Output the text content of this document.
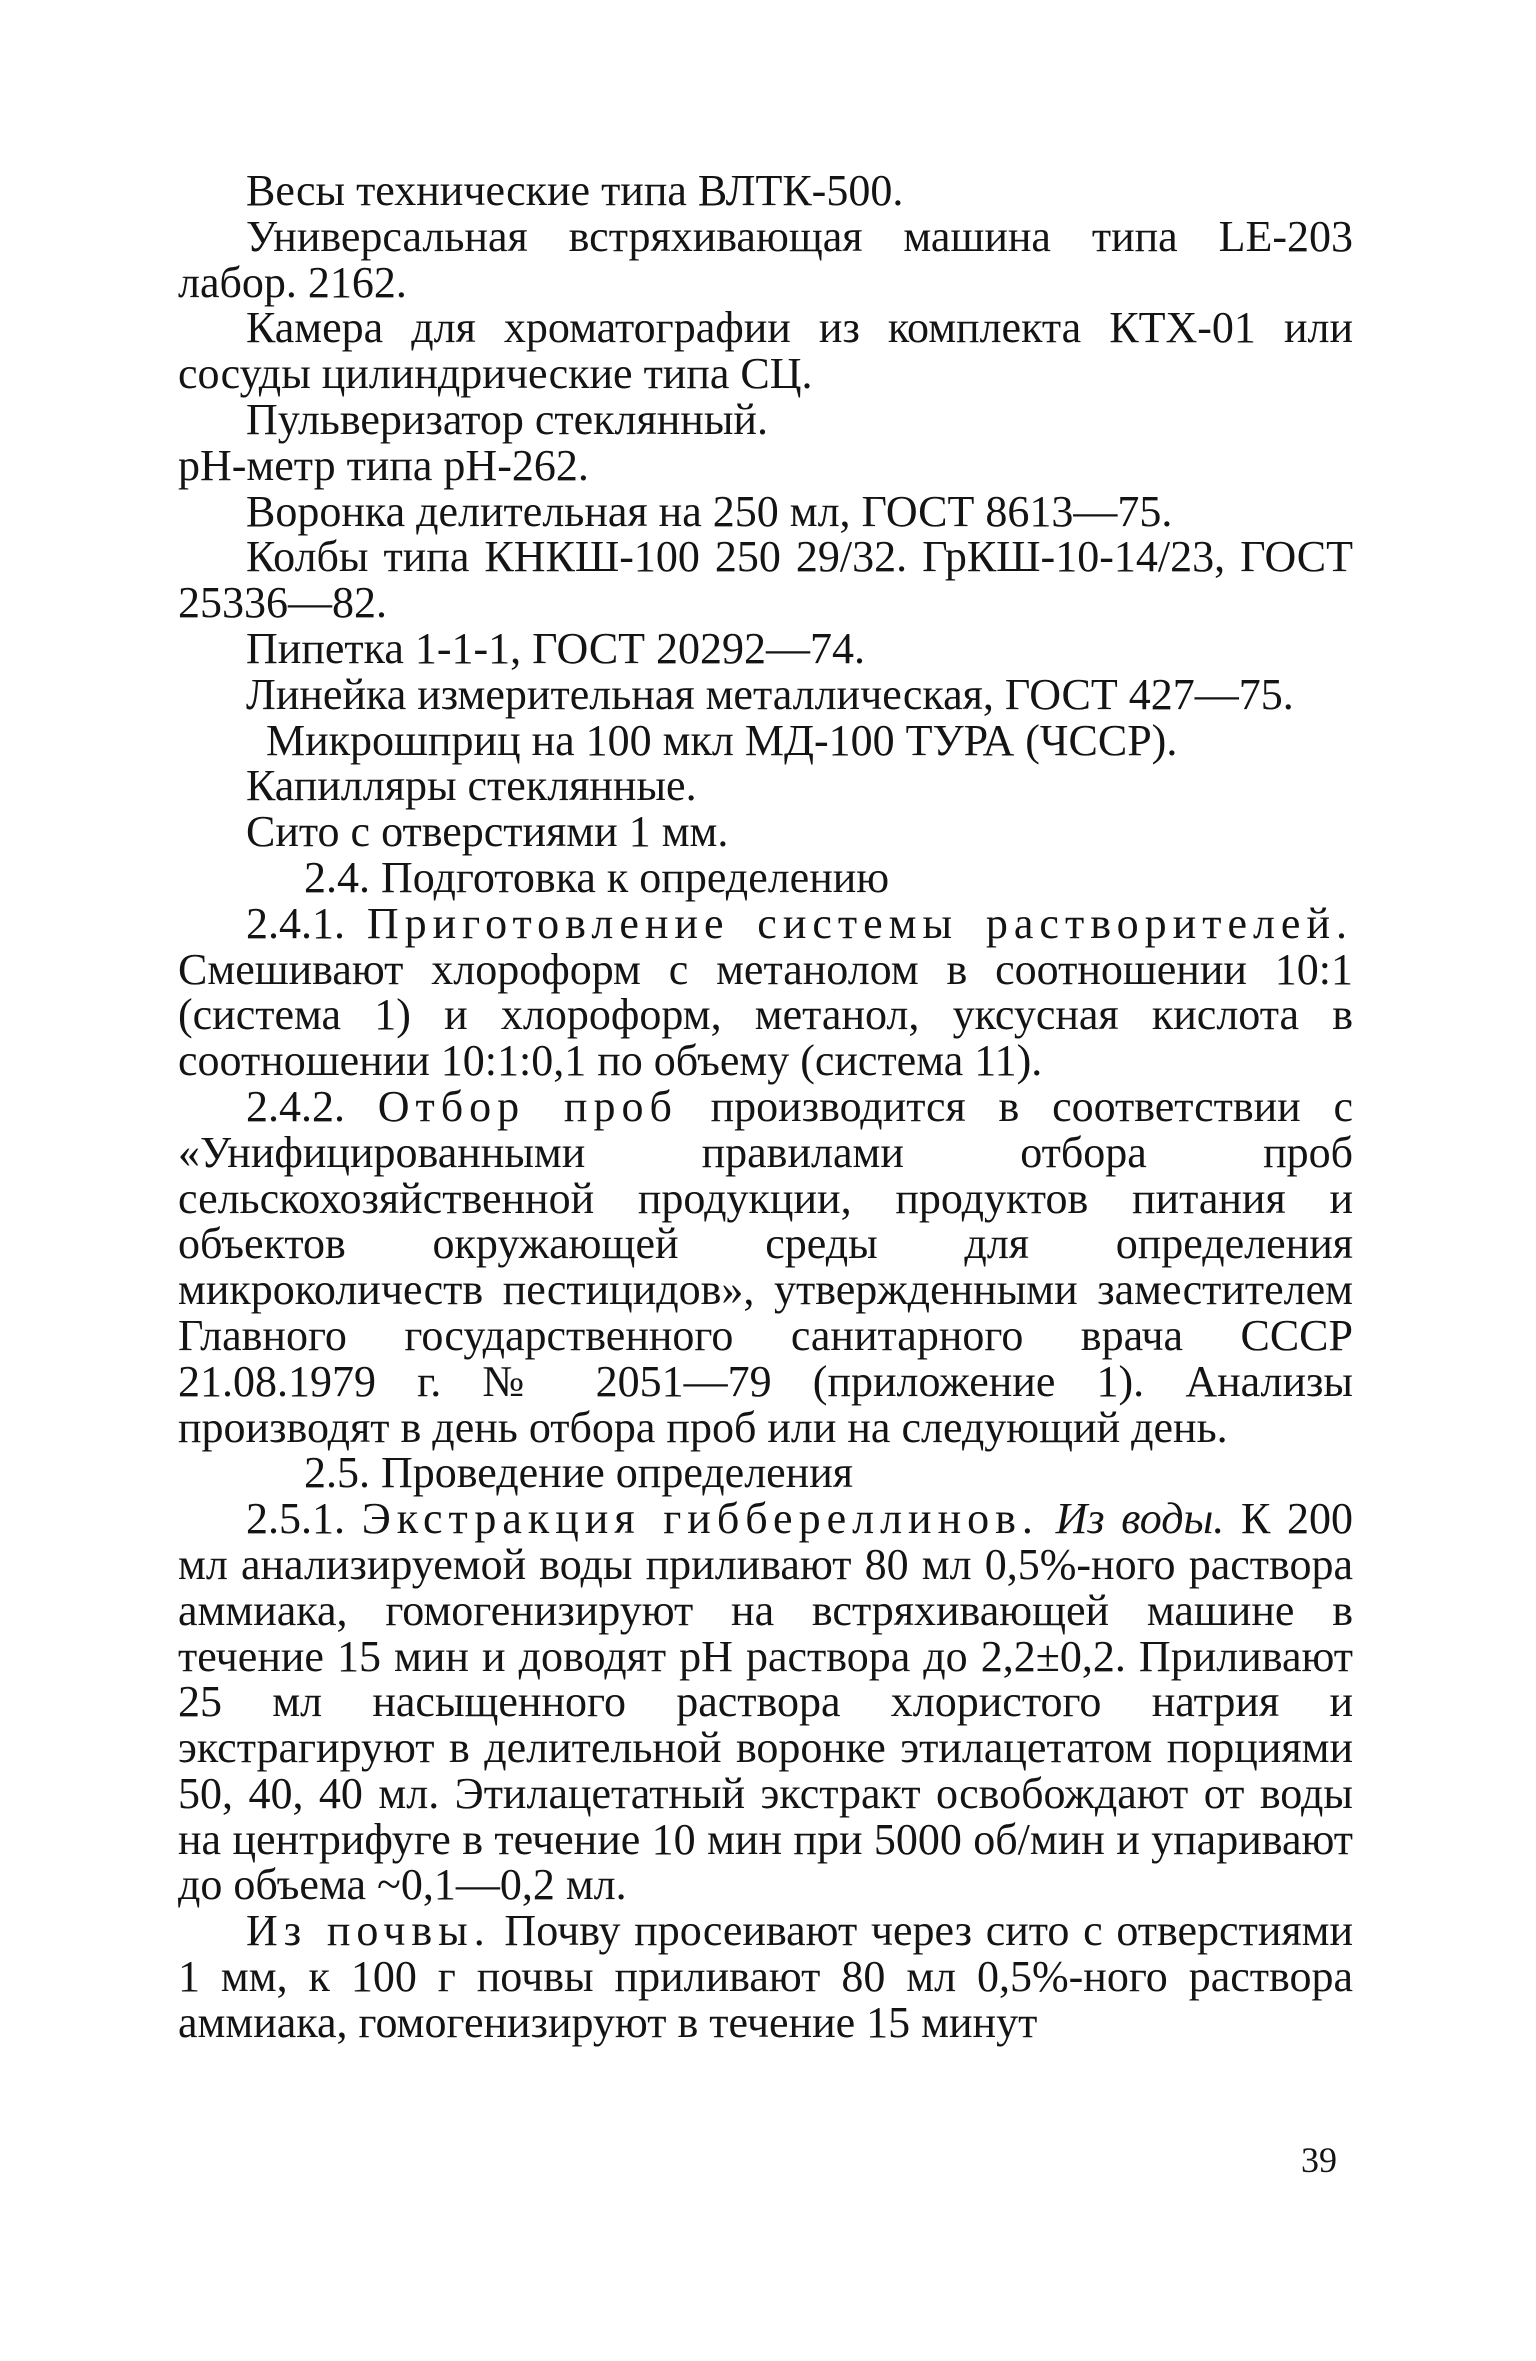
Весы технические типа ВЛТК-500.

Универсальная встряхивающая машина типа LE-203 лабор. 2162.

Камера для хроматографии из комплекта КТХ-01 или сосуды цилиндрические типа СЦ.

Пульверизатор стеклянный.

рН-метр типа рН-262.

Воронка делительная на 250 мл, ГОСТ 8613—75.

Колбы типа КНКШ-100 250 29/32. ГрКШ-10-14/23, ГОСТ 25336—82.

Пипетка 1-1-1, ГОСТ 20292—74.

Линейка измерительная металлическая, ГОСТ 427—75.

Микрошприц на 100 мкл МД-100 ТУРА (ЧССР).

Капилляры стеклянные.

Сито с отверстиями 1 мм.

2.4. Подготовка к определению

2.4.1. Приготовление системы растворителей. Смешивают хлороформ с метанолом в соотношении 10:1 (система 1) и хлороформ, метанол, уксусная кислота в соотношении 10:1:0,1 по объему (система 11).

2.4.2. Отбор проб производится в соответствии с «Унифицированными правилами отбора проб сельскохозяйственной продукции, продуктов питания и объектов окружающей среды для определения микроколичеств пестицидов», утвержденными заместителем Главного государственного санитарного врача СССР 21.08.1979 г. № 2051—79 (приложение 1). Анализы производят в день отбора проб или на следующий день.

2.5. Проведение определения

2.5.1. Экстракция гиббереллинов. Из воды. К 200 мл анализируемой воды приливают 80 мл 0,5%-ного раствора аммиака, гомогенизируют на встряхивающей машине в течение 15 мин и доводят рН раствора до 2,2±0,2. Приливают 25 мл насыщенного раствора хлористого натрия и экстрагируют в делительной воронке этилацетатом порциями 50, 40, 40 мл. Этилацетатный экстракт освобождают от воды на центрифуге в течение 10 мин при 5000 об/мин и упаривают до объема ~0,1—0,2 мл.

Из почвы. Почву просеивают через сито с отверстиями 1 мм, к 100 г почвы приливают 80 мл 0,5%-ного раствора аммиака, гомогенизируют в течение 15 минут

39
